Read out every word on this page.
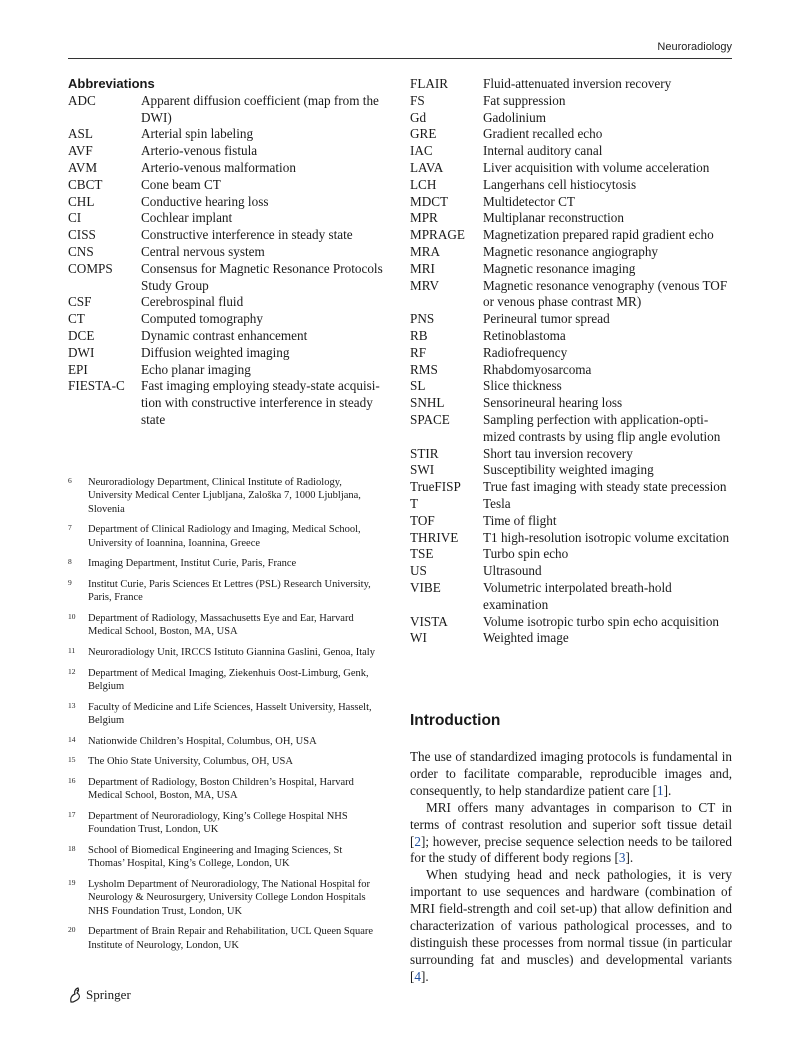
Neuroradiology
Abbreviations
ADC	Apparent diffusion coefficient (map from the DWI)
ASL	Arterial spin labeling
AVF	Arterio-venous fistula
AVM	Arterio-venous malformation
CBCT	Cone beam CT
CHL	Conductive hearing loss
CI	Cochlear implant
CISS	Constructive interference in steady state
CNS	Central nervous system
COMPS	Consensus for Magnetic Resonance Protocols Study Group
CSF	Cerebrospinal fluid
CT	Computed tomography
DCE	Dynamic contrast enhancement
DWI	Diffusion weighted imaging
EPI	Echo planar imaging
FIESTA-C	Fast imaging employing steady-state acquisi-tion with constructive interference in steady state
FLAIR	Fluid-attenuated inversion recovery
FS	Fat suppression
Gd	Gadolinium
GRE	Gradient recalled echo
IAC	Internal auditory canal
LAVA	Liver acquisition with volume acceleration
LCH	Langerhans cell histiocytosis
MDCT	Multidetector CT
MPR	Multiplanar reconstruction
MPRAGE	Magnetization prepared rapid gradient echo
MRA	Magnetic resonance angiography
MRI	Magnetic resonance imaging
MRV	Magnetic resonance venography (venous TOF or venous phase contrast MR)
PNS	Perineural tumor spread
RB	Retinoblastoma
RF	Radiofrequency
RMS	Rhabdomyosarcoma
SL	Slice thickness
SNHL	Sensorineural hearing loss
SPACE	Sampling perfection with application-opti-mized contrasts by using flip angle evolution
STIR	Short tau inversion recovery
SWI	Susceptibility weighted imaging
TrueFISP	True fast imaging with steady state precession
T	Tesla
TOF	Time of flight
THRIVE	T1 high-resolution isotropic volume excitation
TSE	Turbo spin echo
US	Ultrasound
VIBE	Volumetric interpolated breath-hold examination
VISTA	Volume isotropic turbo spin echo acquisition
WI	Weighted image
6	Neuroradiology Department, Clinical Institute of Radiology, University Medical Center Ljubljana, Zaloška 7, 1000 Ljubljana, Slovenia
7	Department of Clinical Radiology and Imaging, Medical School, University of Ioannina, Ioannina, Greece
8	Imaging Department, Institut Curie, Paris, France
9	Institut Curie, Paris Sciences Et Lettres (PSL) Research University, Paris, France
10	Department of Radiology, Massachusetts Eye and Ear, Harvard Medical School, Boston, MA, USA
11	Neuroradiology Unit, IRCCS Istituto Giannina Gaslini, Genoa, Italy
12	Department of Medical Imaging, Ziekenhuis Oost-Limburg, Genk, Belgium
13	Faculty of Medicine and Life Sciences, Hasselt University, Hasselt, Belgium
14	Nationwide Children’s Hospital, Columbus, OH, USA
15	The Ohio State University, Columbus, OH, USA
16	Department of Radiology, Boston Children’s Hospital, Harvard Medical School, Boston, MA, USA
17	Department of Neuroradiology, King’s College Hospital NHS Foundation Trust, London, UK
18	School of Biomedical Engineering and Imaging Sciences, St Thomas’ Hospital, King’s College, London, UK
19	Lysholm Department of Neuroradiology, The National Hospital for Neurology & Neurosurgery, University College London Hospitals NHS Foundation Trust, London, UK
20	Department of Brain Repair and Rehabilitation, UCL Queen Square Institute of Neurology, London, UK
Introduction

The use of standardized imaging protocols is fundamental in order to facilitate comparable, reproducible images and, consequently, to help standardize patient care [1].

MRI offers many advantages in comparison to CT in terms of contrast resolution and superior soft tissue detail [2]; however, precise sequence selection needs to be tailored for the study of different body regions [3].

When studying head and neck pathologies, it is very important to use sequences and hardware (combination of MRI field-strength and coil set-up) that allow definition and characterization of various pathological processes, and to distinguish these processes from normal tissue (in particular surrounding fat and muscles) and developmental variants [4].

Springer
